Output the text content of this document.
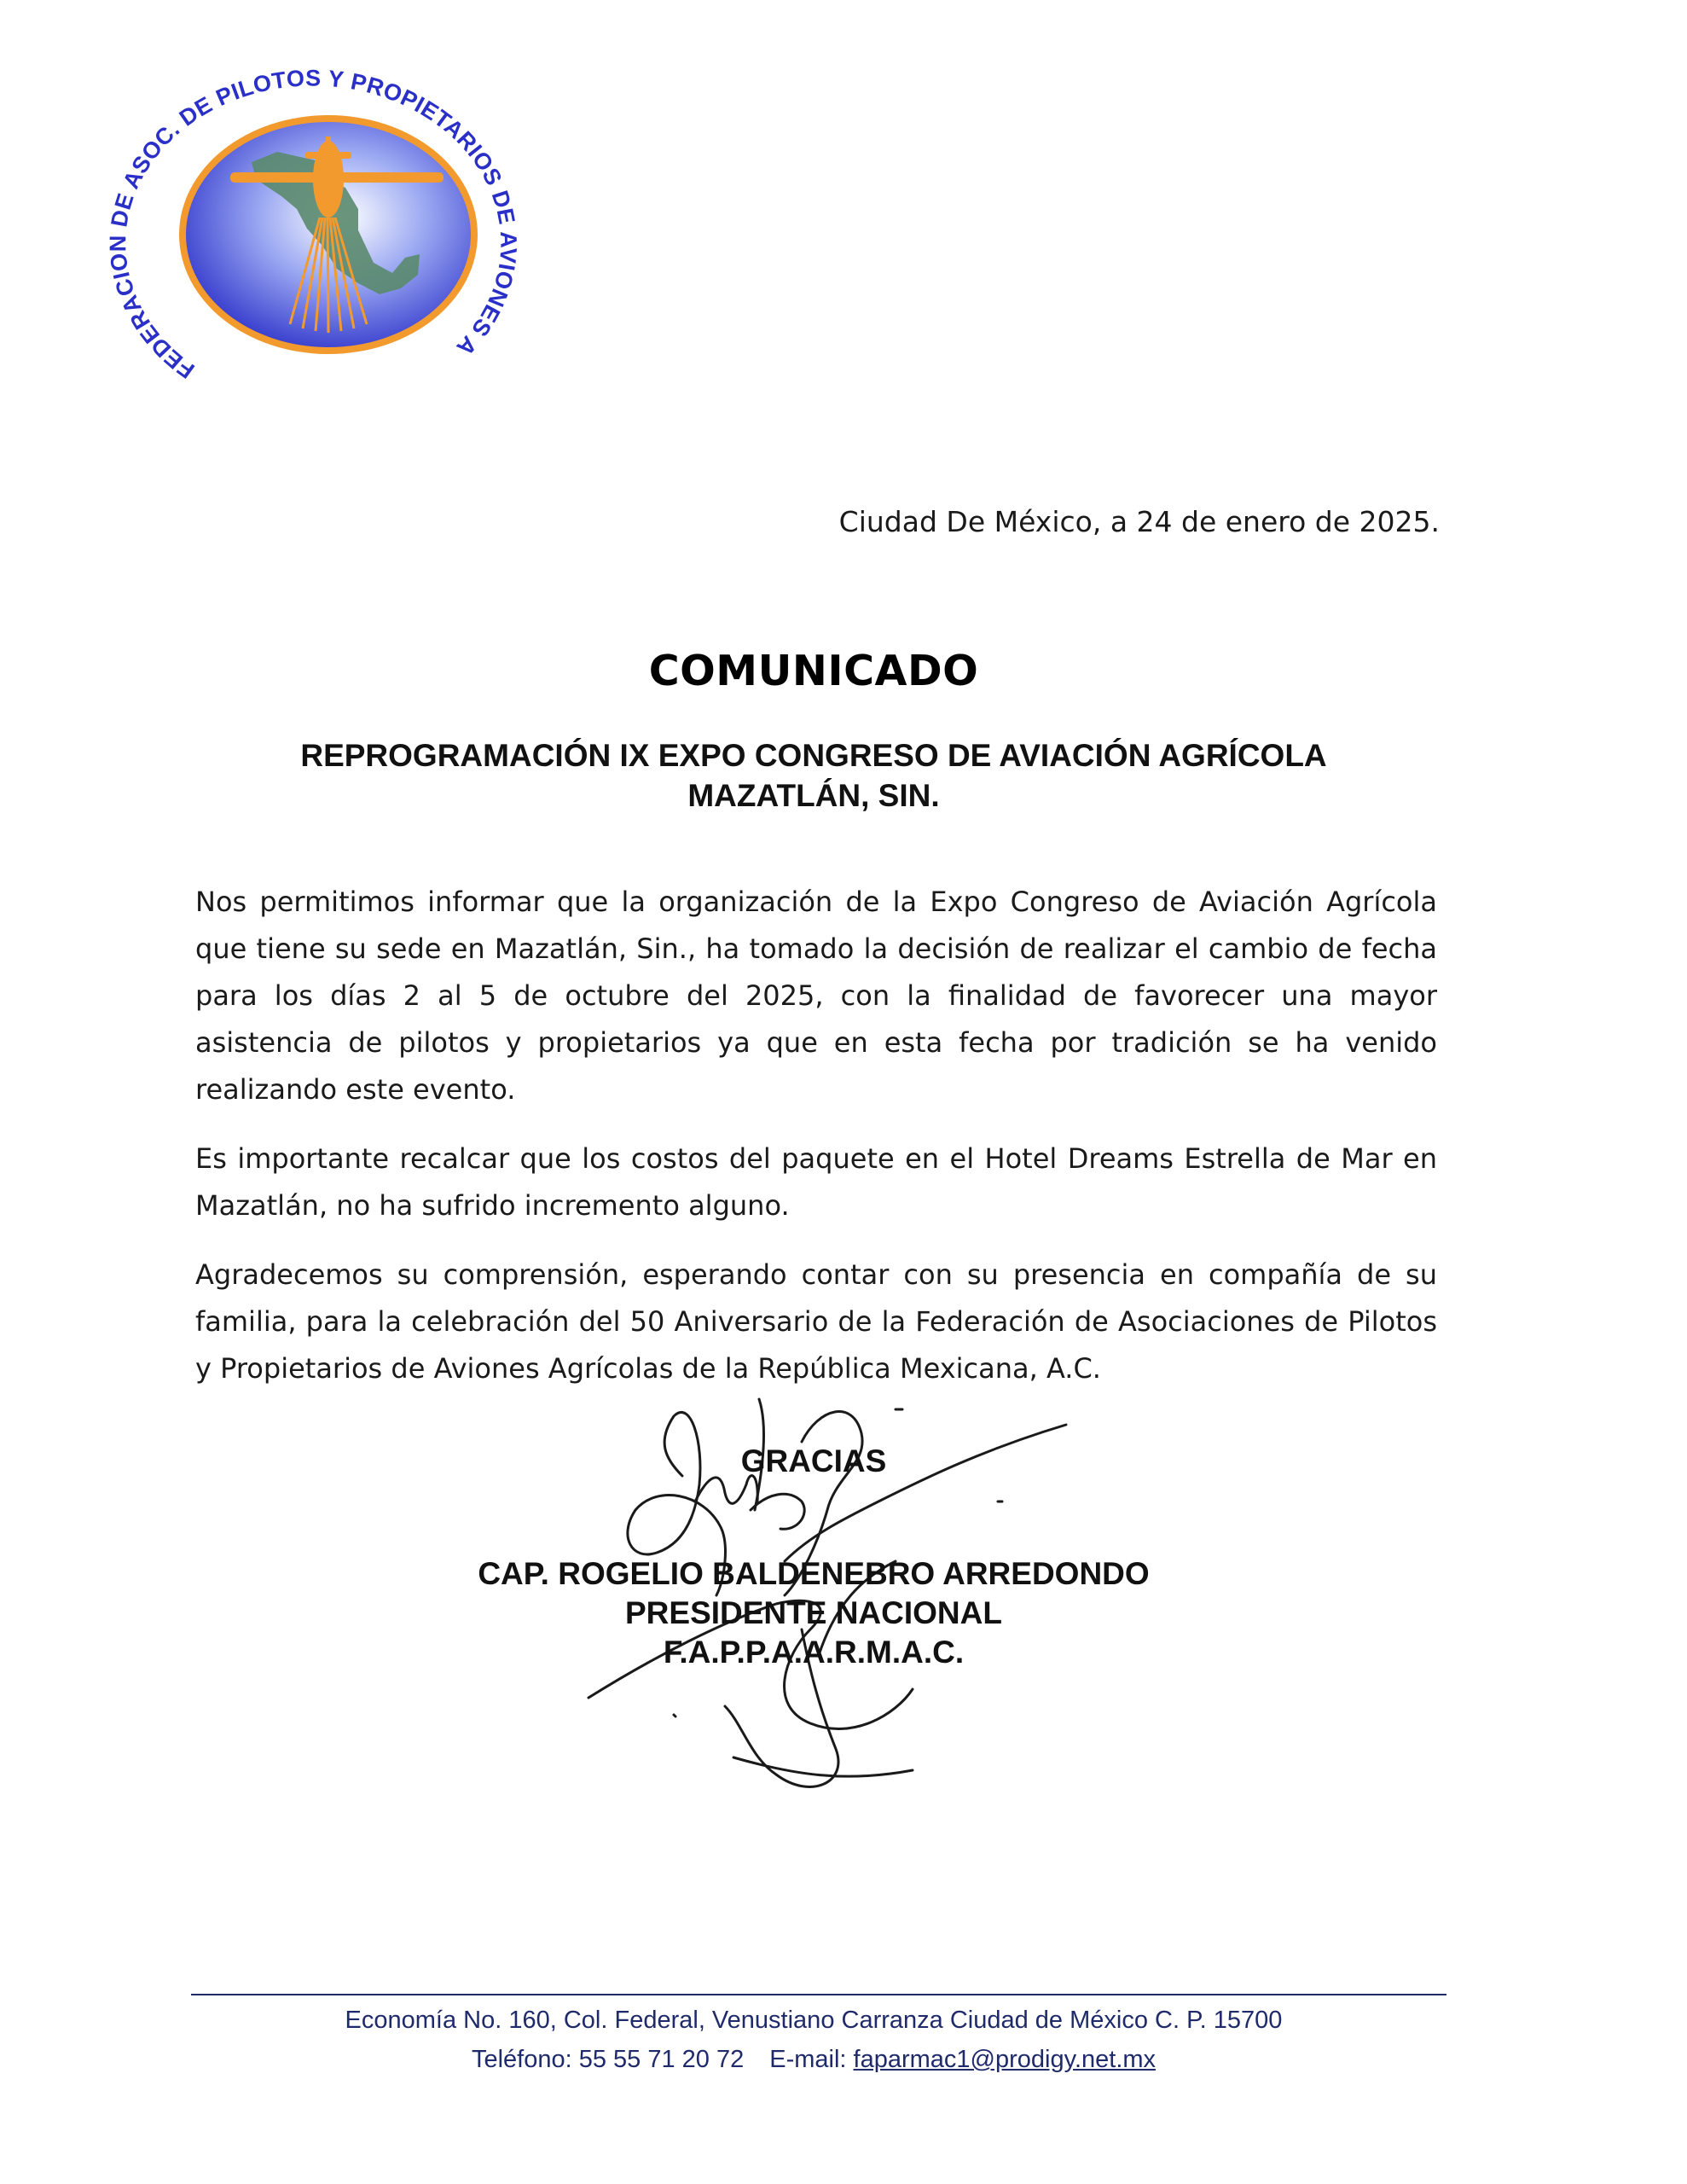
FEDERACION DE ASOC. DE PILOTOS Y PROPIETARIOS DE AVIONES A
Ciudad De México, a 24 de enero de 2025.
COMUNICADO
REPROGRAMACIÓN IX EXPO CONGRESO DE AVIACIÓN AGRÍCOLA
MAZATLÁN, SIN.

Nos permitimos informar que la organización de la Expo Congreso de Aviación Agrícola que tiene su sede en Mazatlán, Sin., ha tomado la decisión de realizar el cambio de fecha para los días 2 al 5 de octubre del 2025, con la finalidad de favorecer una mayor asistencia de pilotos y propietarios ya que en esta fecha por tradición se ha venido realizando este evento.

Es importante recalcar que los costos del paquete en el Hotel Dreams Estrella de Mar en Mazatlán, no ha sufrido incremento alguno.

Agradecemos su comprensión, esperando contar con su presencia en compañía de su familia, para la celebración del 50 Aniversario de la Federación de Asociaciones de Pilotos y Propietarios de Aviones Agrícolas de la República Mexicana, A.C.

GRACIAS
CAP. ROGELIO BALDENEBRO ARREDONDO
PRESIDENTE NACIONAL
F.A.P.P.A.A.R.M.A.C.
Economía No. 160, Col. Federal, Venustiano Carranza Ciudad de México C. P. 15700
Teléfono: 55 55 71 20 72 E-mail: faparmac1@prodigy.net.mx
